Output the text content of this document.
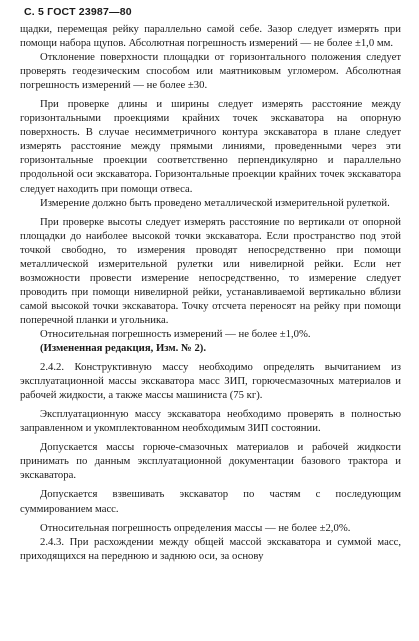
С. 5 ГОСТ 23987—80

щадки, перемещая рейку параллельно самой себе. Зазор следует измерять при помощи набора щупов. Абсолютная погрешность измерений — не более ±1,0 мм.

Отклонение поверхности площадки от горизонтального положения следует проверять геодезическим способом или маятниковым угломером. Абсолютная погрешность измерений — не более ±30.

При проверке длины и ширины следует измерять расстояние между горизонтальными проекциями крайних точек экскаватора на опорную поверхность. В случае несимметричного контура экскаватора в плане следует измерять расстояние между прямыми линиями, проведенными через эти горизонтальные проекции соответственно перпендикулярно и параллельно продольной оси экскаватора. Горизонтальные проекции крайних точек экскаватора следует находить при помощи отвеса.

Измерение должно быть проведено металлической измерительной рулеткой.

При проверке высоты следует измерять расстояние по вертикали от опорной площадки до наиболее высокой точки экскаватора. Если пространство под этой точкой свободно, то измерения проводят непосредственно при помощи металлической измерительной рулетки или нивелирной рейки. Если нет возможности провести измерение непосредственно, то измерение следует проводить при помощи нивелирной рейки, устанавливаемой вертикально вблизи самой высокой точки экскаватора. Точку отсчета переносят на рейку при помощи поперечной планки и угольника.

Относительная погрешность измерений — не более ±1,0%.

(Измененная редакция, Изм. № 2).

2.4.2. Конструктивную массу необходимо определять вычитанием из эксплуатационной массы экскаватора масс ЗИП, горючесмазочных материалов и рабочей жидкости, а также массы машиниста (75 кг).

Эксплуатационную массу экскаватора необходимо проверять в полностью заправленном и укомплектованном необходимым ЗИП состоянии.

Допускается массы горюче-смазочных материалов и рабочей жидкости принимать по данным эксплуатационной документации базового трактора и экскаватора.

Допускается взвешивать экскаватор по частям с последующим суммированием масс.

Относительная погрешность определения массы — не более ±2,0%.

2.4.3. При расхождении между общей массой экскаватора и суммой масс, приходящихся на переднюю и заднюю оси, за основу
